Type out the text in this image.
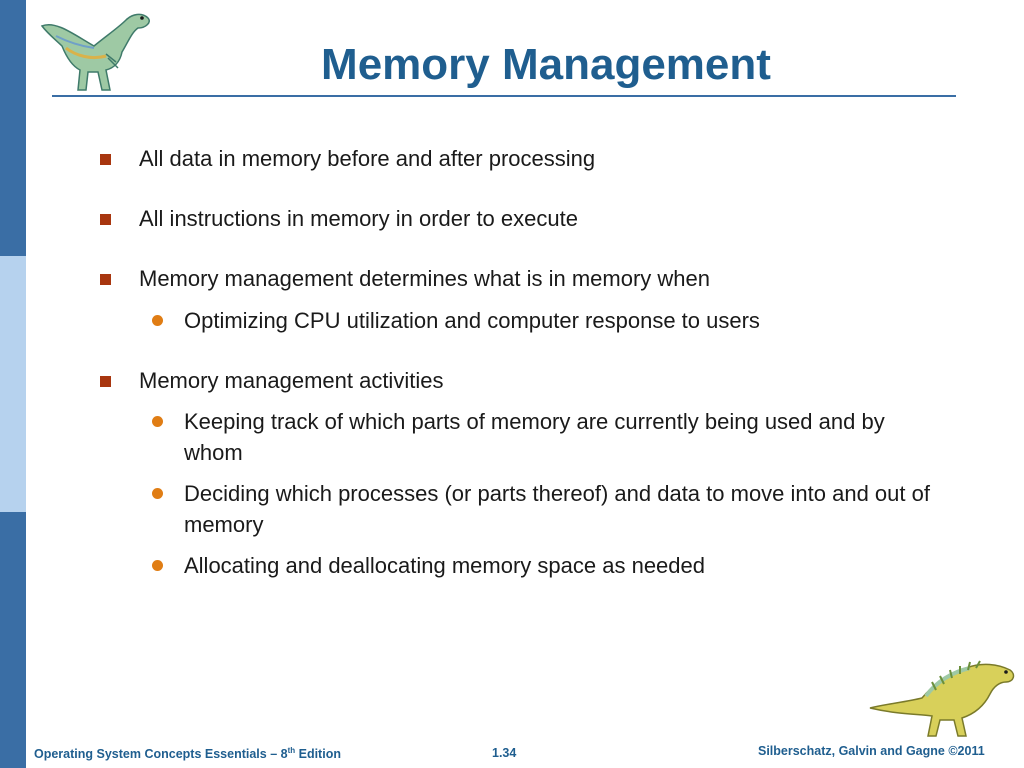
Memory Management
All data in memory before and after processing
All instructions in memory in order to execute
Memory management determines what is in memory when
Optimizing CPU utilization and computer response to users
Memory management activities
Keeping track of which parts of memory are currently being used and by whom
Deciding which processes (or parts thereof) and data to move into and out of memory
Allocating and deallocating memory space as needed
Operating System Concepts Essentials – 8th Edition	1.34	Silberschatz, Galvin and Gagne ©2011
